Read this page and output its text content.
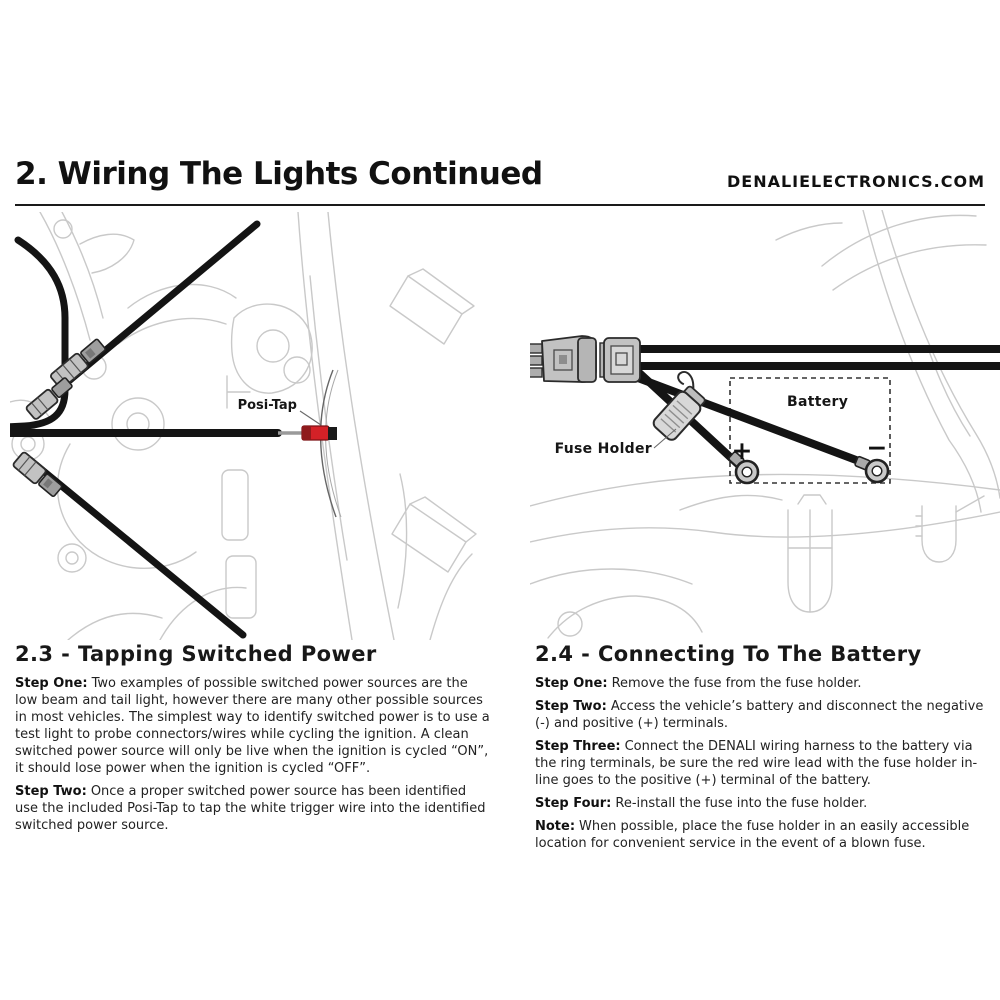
2. Wiring The Lights Continued	DENALIELECTRONICS.COM
Posi-Tap	Battery
+	−
Fuse Holder
2.3 - Tapping Switched Power

Step One: Two examples of possible switched power sources are the low beam and tail light, however there are many other possible sources in most vehicles. The simplest way to identify switched power is to use a test light to probe connectors/wires while cycling the ignition. A clean switched power source will only be live when the ignition is cycled “ON”, it should lose power when the ignition is cycled “OFF”.

Step Two: Once a proper switched power source has been identified use the included Posi-Tap to tap the white trigger wire into the identified switched power source.

2.4 - Connecting To The Battery

Step One: Remove the fuse from the fuse holder.

Step Two: Access the vehicle’s battery and disconnect the negative (-) and positive (+) terminals.

Step Three: Connect the DENALI wiring harness to the battery via the ring terminals, be sure the red wire lead with the fuse holder in-line goes to the positive (+) terminal of the battery.

Step Four: Re-install the fuse into the fuse holder.

Note: When possible, place the fuse holder in an easily accessible location for convenient service in the event of a blown fuse.
